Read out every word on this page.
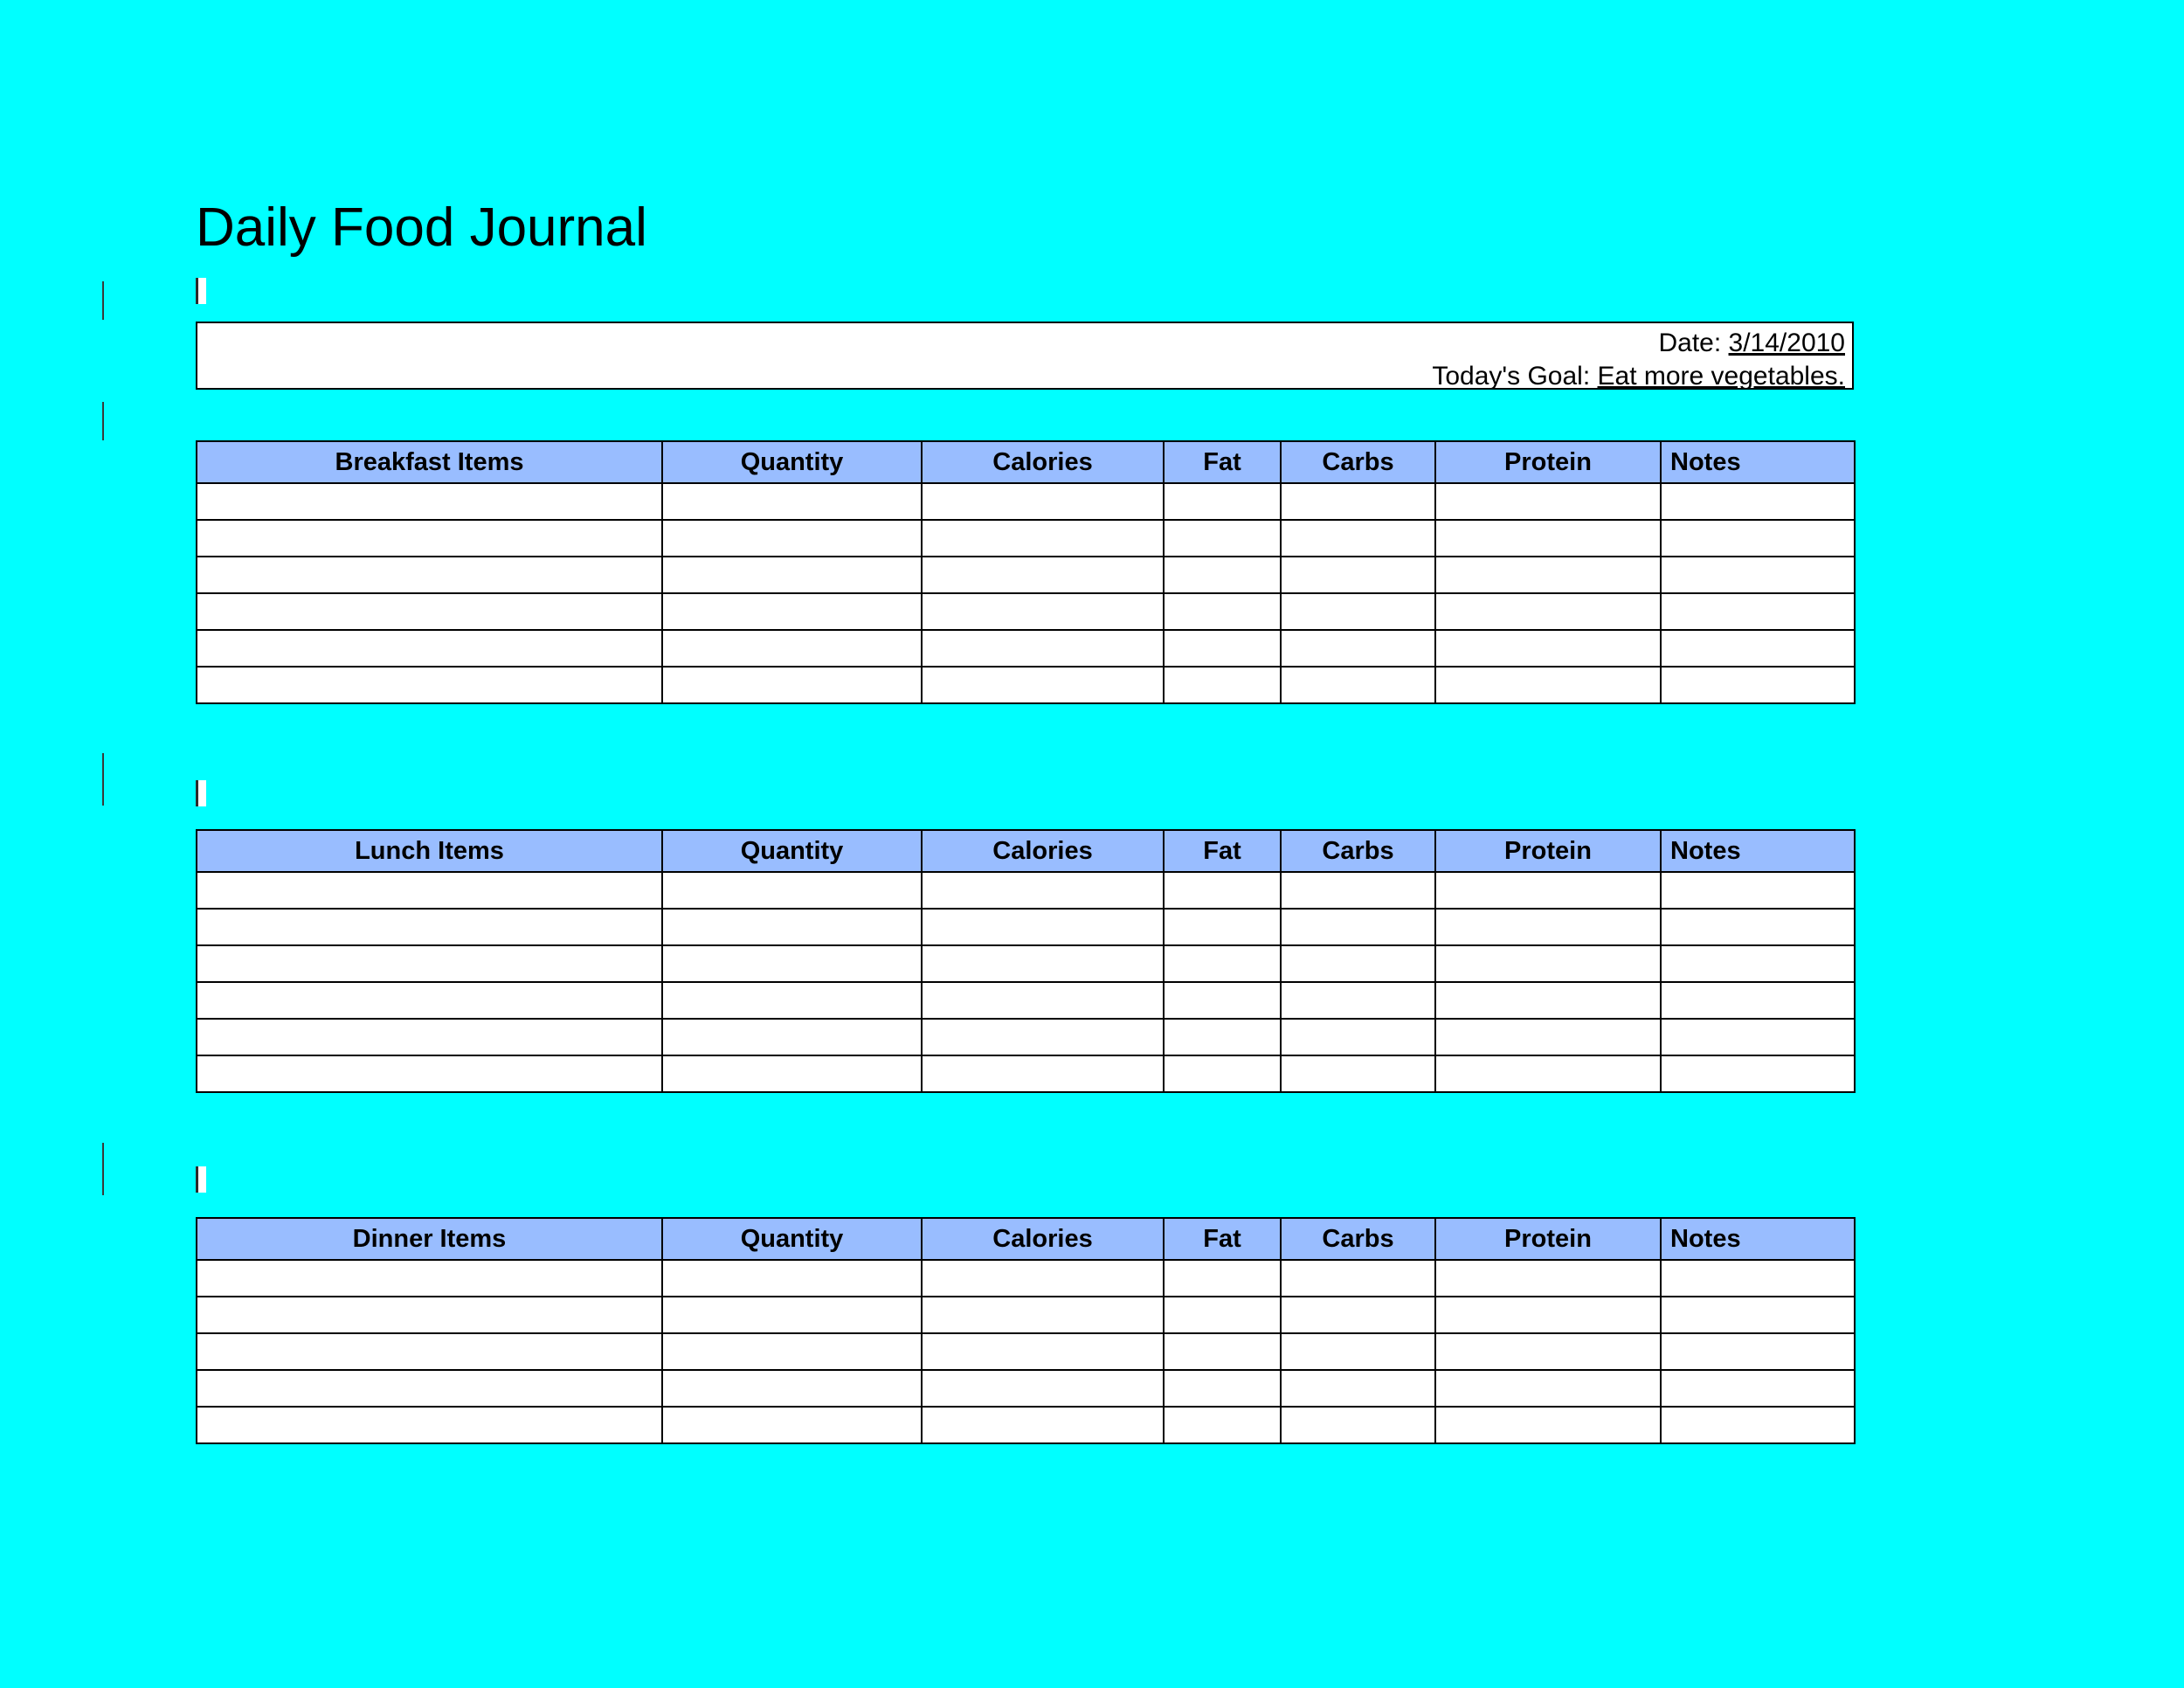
Daily Food Journal
Date: 3/14/2010
Today's Goal: Eat more vegetables.
Breakfast Items	Quantity	Calories	Fat	Carbs	Protein	Notes

Lunch Items	Quantity	Calories	Fat	Carbs	Protein	Notes

Dinner Items	Quantity	Calories	Fat	Carbs	Protein	Notes
